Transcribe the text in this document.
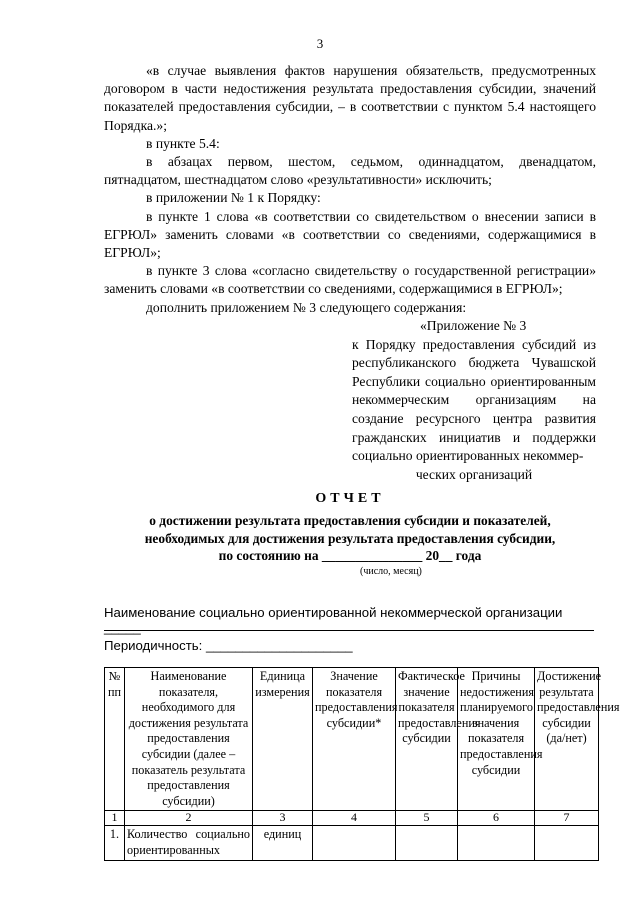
3

«в случае выявления фактов нарушения обязательств, предусмотренных договором в части недостижения результата предоставления субсидии, значений показателей предоставления субсидии, – в соответствии с пунктом 5.4 настоящего Порядка.»;

в пункте 5.4:

в абзацах первом, шестом, седьмом, одиннадцатом, двенадцатом, пятнадцатом, шестнадцатом слово «результативности» исключить;

в приложении № 1 к Порядку:

в пункте 1 слова «в соответствии со свидетельством о внесении записи в ЕГРЮЛ» заменить словами «в соответствии со сведениями, содержащимися в ЕГРЮЛ»;

в пункте 3 слова «согласно свидетельству о государственной регистрации» заменить словами «в соответствии со сведениями, содержащимися в ЕГРЮЛ»;

дополнить приложением № 3 следующего содержания:

«Приложение № 3

к Порядку предоставления субсидий из республиканского бюджета Чувашской Республики социально ориентированным некоммерческим организациям на создание ресурсного центра развития гражданских инициатив и поддержки социально ориентированных некоммер-

ческих организаций

ОТЧЕТ

о достижении результата предоставления субсидии и показателей,

необходимых для достижения результата предоставления субсидии,

по состоянию на _______________ 20__ года

(число, месяц)
Наименование социально ориентированной некоммерческой организации _____
Периодичность: ____________________
№ пп	Наименование показателя, необходимого для достижения результата предоставления субсидии (далее – показатель результата предоставления субсидии)	Единица измерения	Значение показателя предоставления субсидии*	Фактическое значение показателя предоставления субсидии	Причины недостижения планируемого значения показателя предоставления субсидии	Достижение результата предоставления субсидии (да/нет)
1	2	3	4	5	6	7
1.	Количество социально ориентированных	единиц				
